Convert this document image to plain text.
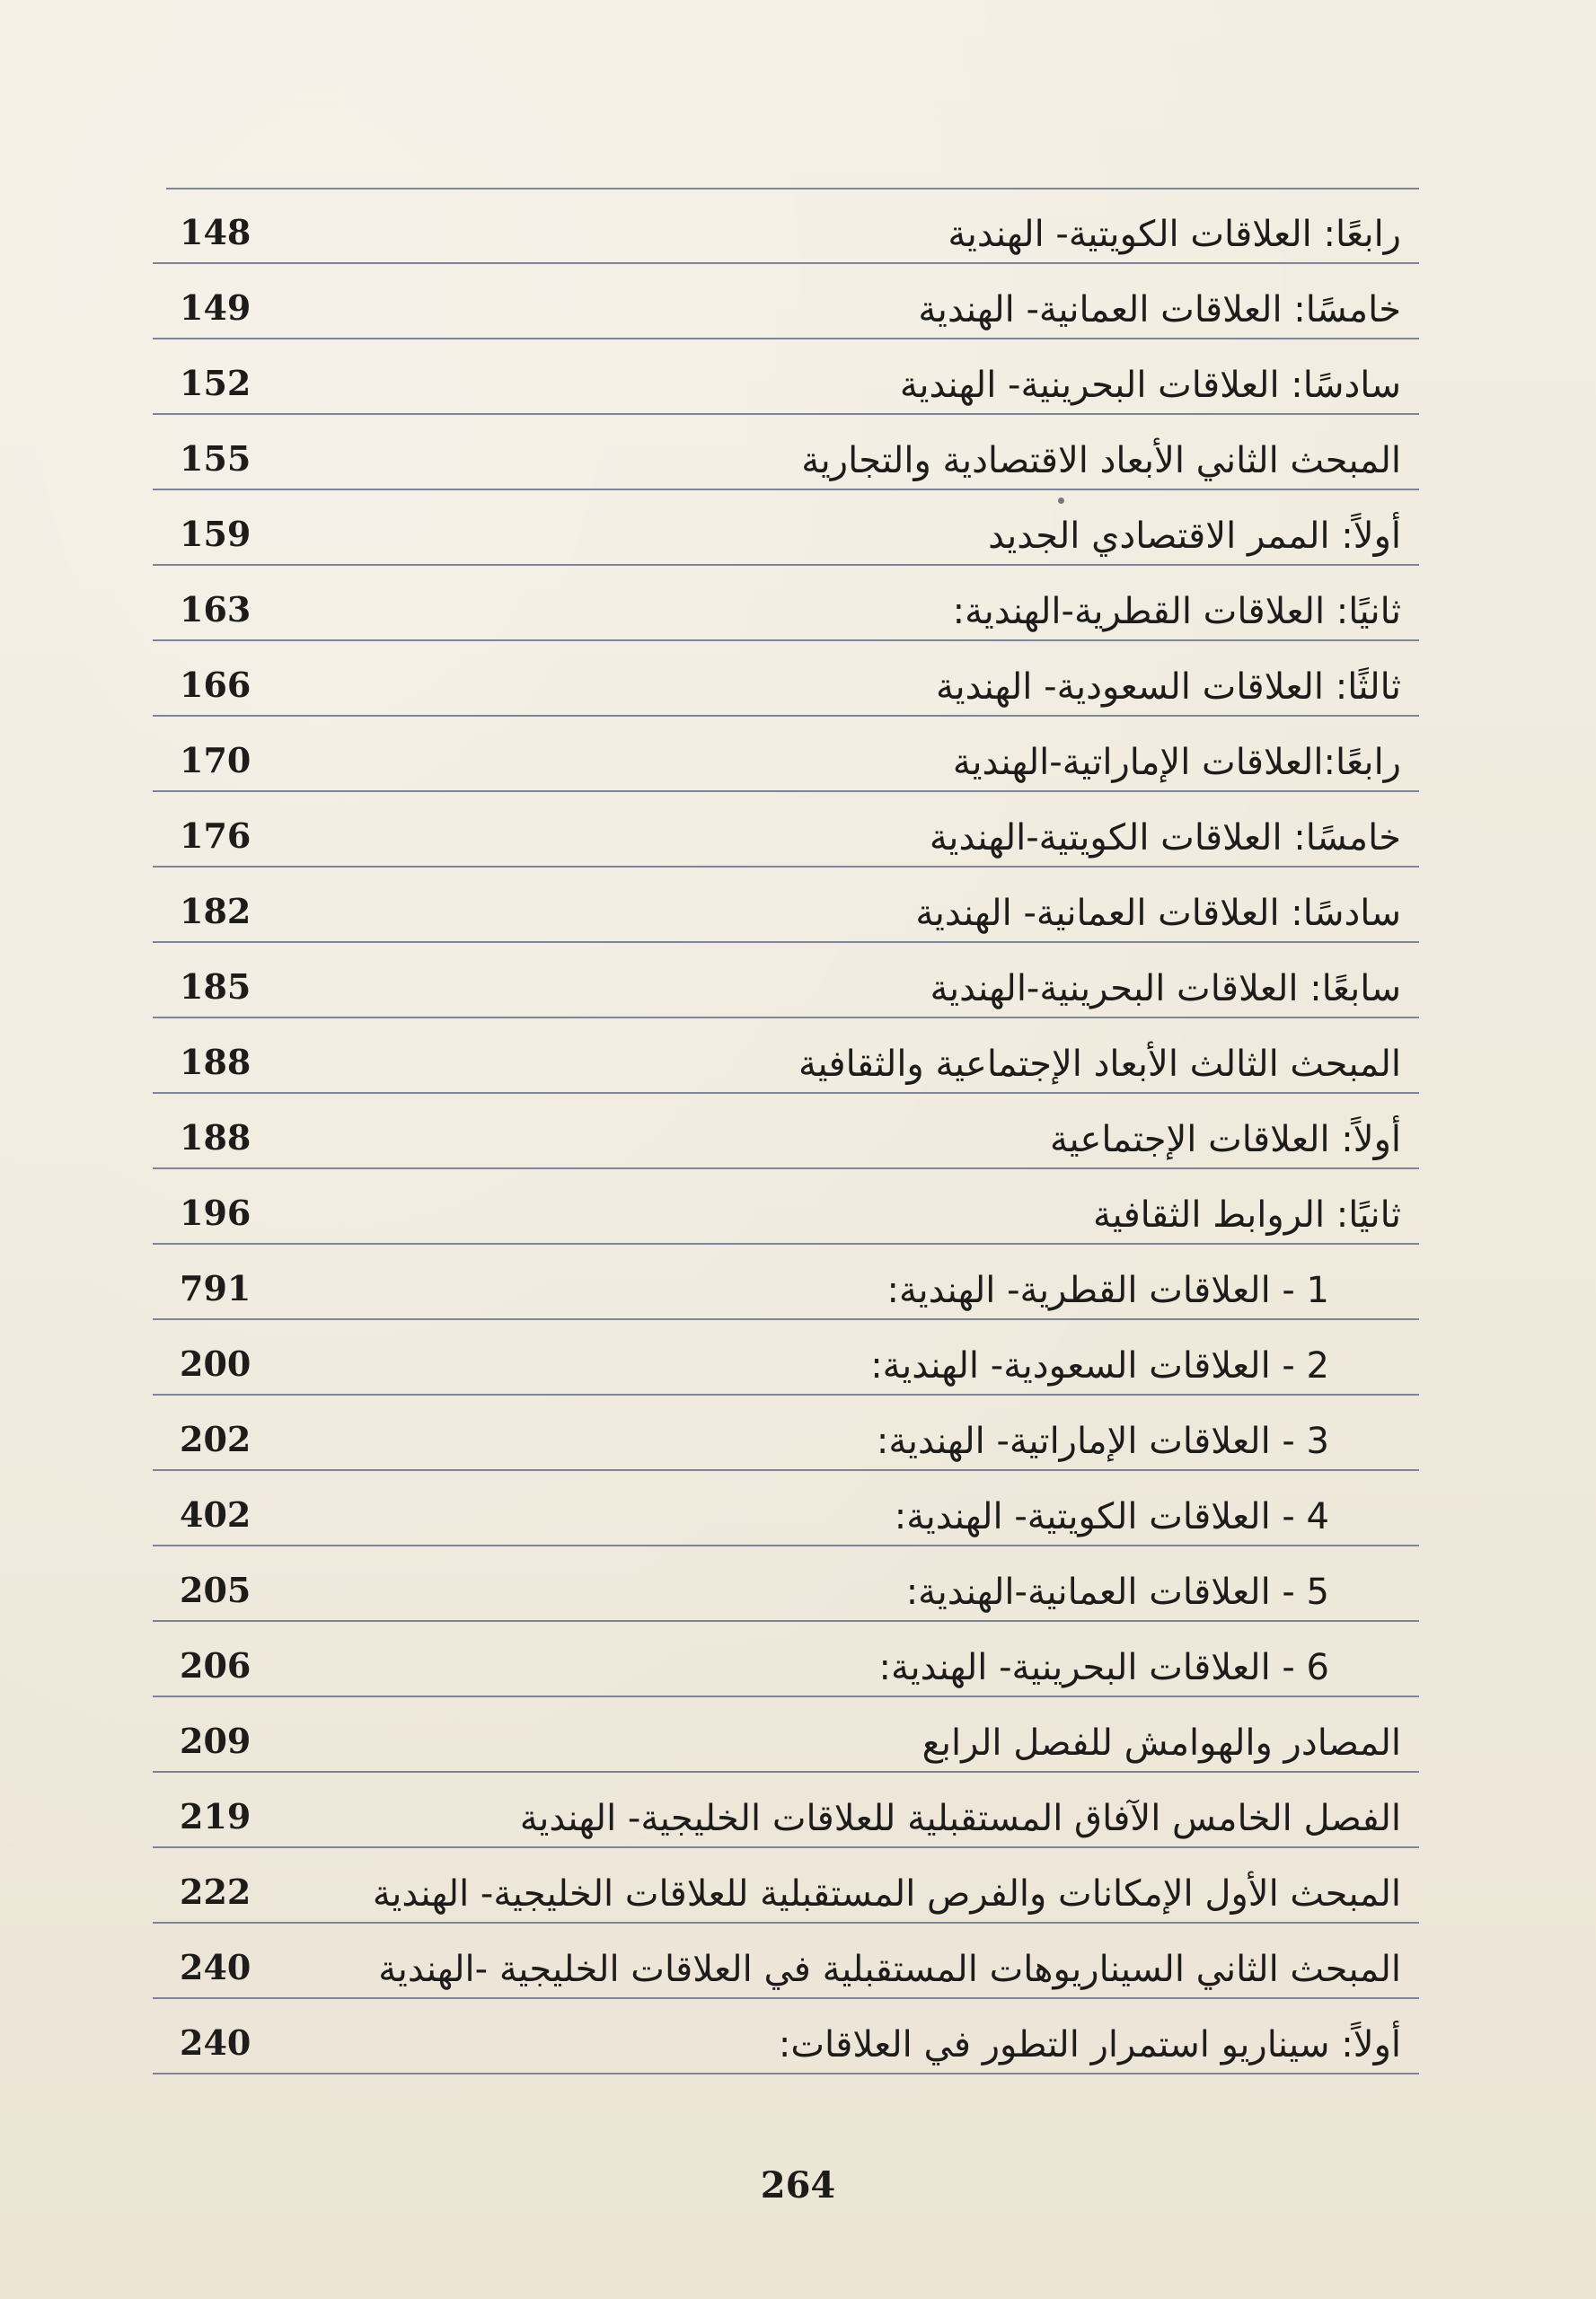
رابعًا: العلاقات الكويتية- الهندية
148
خامسًا: العلاقات العمانية- الهندية
149
سادسًا: العلاقات البحرينية- الهندية
152
المبحث الثاني الأبعاد الاقتصادية والتجارية
155
أولاً: الممر الاقتصادي الجديد
159
ثانيًا: العلاقات القطرية-الهندية:
163
ثالثًا: العلاقات السعودية- الهندية
166
رابعًا:العلاقات الإماراتية-الهندية
170
خامسًا: العلاقات الكويتية-الهندية
176
سادسًا: العلاقات العمانية- الهندية
182
سابعًا: العلاقات البحرينية-الهندية
185
المبحث الثالث الأبعاد الإجتماعية والثقافية
188
أولاً: العلاقات الإجتماعية
188
ثانيًا: الروابط الثقافية
196
1 - العلاقات القطرية- الهندية:
791
2 - العلاقات السعودية- الهندية:
200
3 - العلاقات الإماراتية- الهندية:
202
4 - العلاقات الكويتية- الهندية:
402
5 - العلاقات العمانية-الهندية:
205
6 - العلاقات البحرينية- الهندية:
206
المصادر والهوامش للفصل الرابع
209
الفصل الخامس الآفاق المستقبلية للعلاقات الخليجية- الهندية
219
المبحث الأول الإمكانات والفرص المستقبلية للعلاقات الخليجية- الهندية
222
المبحث الثاني السيناريوهات المستقبلية في العلاقات الخليجية -الهندية
240
أولاً: سيناريو استمرار التطور في العلاقات:
240
264
